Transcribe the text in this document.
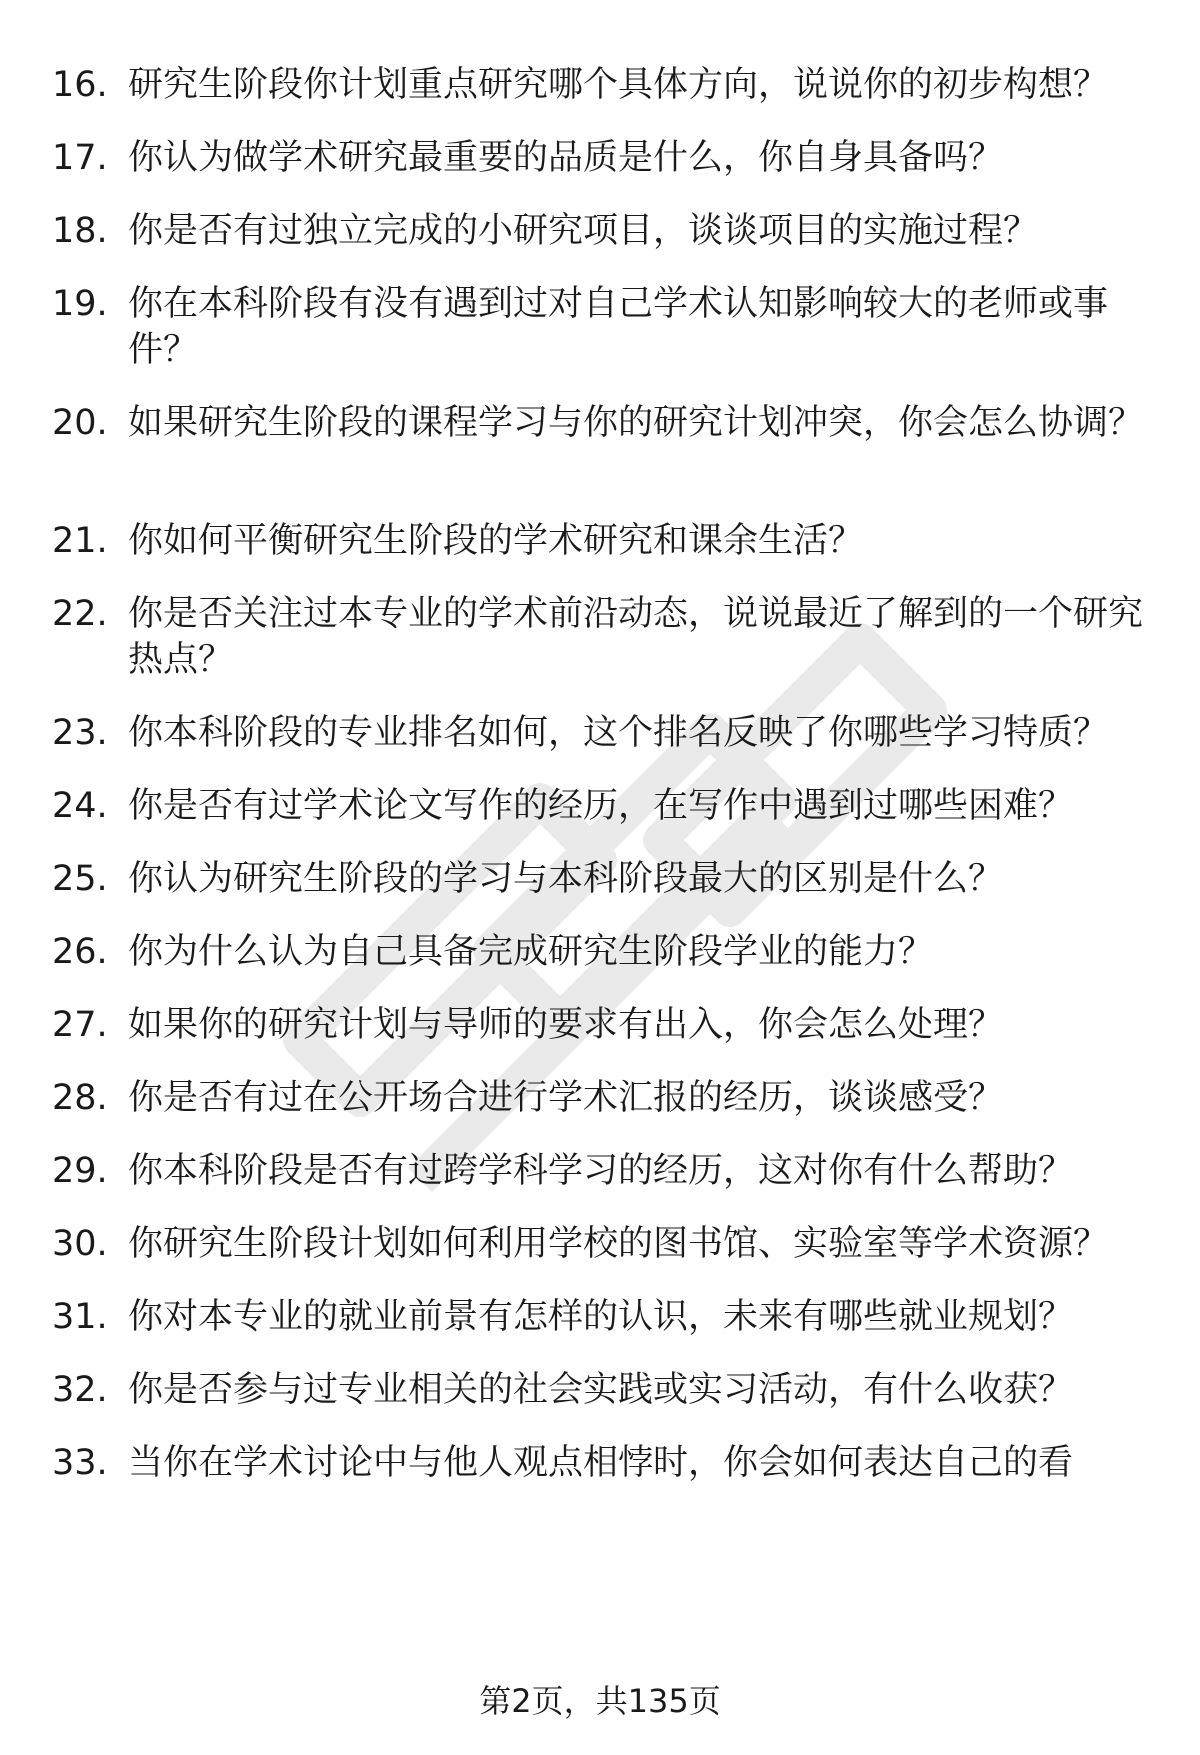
16. 研究生阶段你计划重点研究哪个具体方向，说说你的初步构想？
17. 你认为做学术研究最重要的品质是什么，你自身具备吗？
18. 你是否有过独立完成的小研究项目，谈谈项目的实施过程？
19. 你在本科阶段有没有遇到过对自己学术认知影响较大的老师或事件？
20. 如果研究生阶段的课程学习与你的研究计划冲突，你会怎么协调？
21. 你如何平衡研究生阶段的学术研究和课余生活？
22. 你是否关注过本专业的学术前沿动态，说说最近了解到的一个研究热点？
23. 你本科阶段的专业排名如何，这个排名反映了你哪些学习特质？
24. 你是否有过学术论文写作的经历，在写作中遇到过哪些困难？
25. 你认为研究生阶段的学习与本科阶段最大的区别是什么？
26. 你为什么认为自己具备完成研究生阶段学业的能力？
27. 如果你的研究计划与导师的要求有出入，你会怎么处理？
28. 你是否有过在公开场合进行学术汇报的经历，谈谈感受？
29. 你本科阶段是否有过跨学科学习的经历，这对你有什么帮助？
30. 你研究生阶段计划如何利用学校的图书馆、实验室等学术资源？
31. 你对本专业的就业前景有怎样的认识，未来有哪些就业规划？
32. 你是否参与过专业相关的社会实践或实习活动，有什么收获？
33. 当你在学术讨论中与他人观点相悖时，你会如何表达自己的看
第2页，共135页
